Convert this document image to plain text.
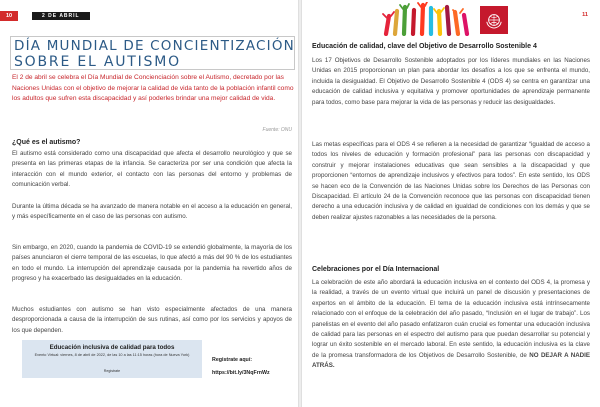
10	2 DE ABRIL
DÍA MUNDIAL DE CONCIENTIZACIÓN
SOBRE EL AUTISMO

El 2 de abril se celebra el Día Mundial de Concienciación sobre el Autismo, decretado por las Naciones Unidas con el objetivo de mejorar la calidad de vida tanto de la población infantil como los adultos que sufren esta discapacidad y así poderles brindar una mejor calidad de vida.

Fuente: ONU
¿Qué es el autismo?

El autismo está considerado como una discapacidad que afecta el desarrollo neurológico y que se presenta en las primeras etapas de la infancia. Se caracteriza por ser una condición que afecta la interacción con el mundo exterior, el contacto con las personas del entorno y problemas de comunicación verbal.

Durante la última década se ha avanzado de manera notable en el acceso a la educación en general, y más específicamente en el caso de las personas con autismo.

Sin embargo, en 2020, cuando la pandemia de COVID-19 se extendió globalmente, la mayoría de los países anunciaron el cierre temporal de las escuelas, lo que afectó a más del 90 % de los estudiantes en todo el mundo. La interrupción del aprendizaje causada por la pandemia ha revertido años de progreso y ha exacerbado las desigualdades en la educación.

Muchos estudiantes con autismo se han visto especialmente afectados de una manera desproporcionada a causa de la interrupción de sus rutinas, así como por los servicios y apoyos de los que dependen.

Educación inclusiva de calidad para todos
Evento Virtual: viernes, 8 de abril de 2022, de las 10 a las 11:15 horas (hora de Nueva York)
Registrate
Registrate aquí:
https://bit.ly/3NqFrnWz
11
Educación de calidad, clave del Objetivo de Desarrollo Sostenible 4

Los 17 Objetivos de Desarrollo Sostenible adoptados por los líderes mundiales en las Naciones Unidas en 2015 proporcionan un plan para abordar los desafíos a los que se enfrenta el mundo, incluida la desigualdad. El Objetivo de Desarrollo Sostenible 4 (ODS 4) se centra en garantizar una educación de calidad inclusiva y equitativa y promover oportunidades de aprendizaje permanente para todos, como base para mejorar la vida de las personas y reducir las desigualdades.

Las metas específicas para el ODS 4 se refieren a la necesidad de garantizar “igualdad de acceso a todos los niveles de educación y formación profesional” para las personas con discapacidad y construir y mejorar instalaciones educativas que sean sensibles a la discapacidad y que proporcionen “entornos de aprendizaje inclusivos y efectivos para todos”. En este sentido, los ODS se hacen eco de la Convención de las Naciones Unidas sobre los Derechos de las Personas con Discapacidad. El artículo 24 de la Convención reconoce que las personas con discapacidad tienen derecho a una educación inclusiva y de calidad en igualdad de condiciones con los demás y que se deben realizar ajustes razonables a las necesidades de la persona.

Celebraciones por el Día Internacional

La celebración de este año abordará la educación inclusiva en el contexto del ODS 4, la promesa y la realidad, a través de un evento virtual que incluirá un panel de discusión y presentaciones de expertos en el ámbito de la educación. El tema de la educación inclusiva está intrínsecamente relacionado con el enfoque de la celebración del año pasado, “Inclusión en el lugar de trabajo”. Los panelistas en el evento del año pasado enfatizaron cuán crucial es fomentar una educación inclusiva de calidad para las personas en el espectro del autismo para que puedan desarrollar su potencial y lograr un éxito sostenible en el mercado laboral. En este sentido, la educación inclusiva es la clave de la promesa transformadora de los Objetivos de Desarrollo Sostenible, de NO DEJAR A NADIE ATRÁS.
